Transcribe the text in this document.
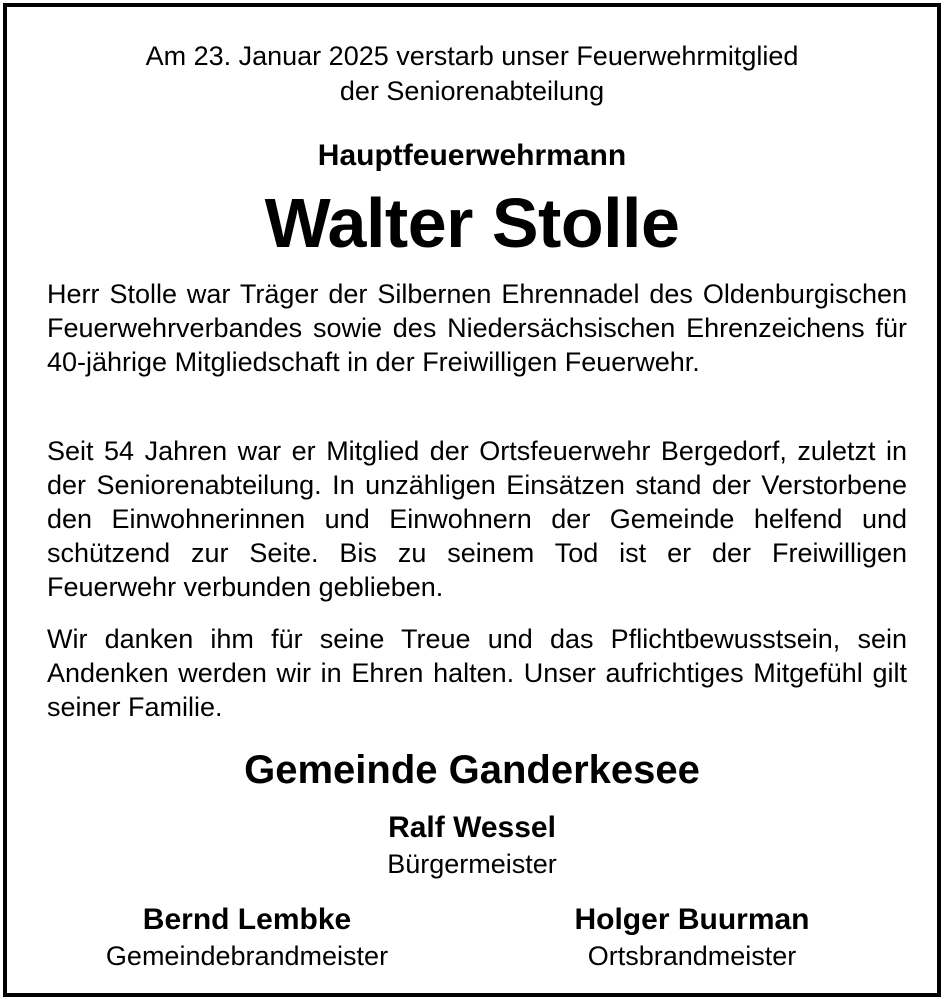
Am 23. Januar 2025 verstarb unser Feuerwehrmitglied
der Seniorenabteilung
Hauptfeuerwehrmann
Walter Stolle
Herr Stolle war Träger der Silbernen Ehrennadel des Oldenburgischen Feuerwehrverbandes sowie des Niedersächsischen Ehrenzeichens für 40-jährige Mitgliedschaft in der Freiwilligen Feuerwehr.
Seit 54 Jahren war er Mitglied der Ortsfeuerwehr Bergedorf, zuletzt in der Seniorenabteilung. In unzähligen Einsätzen stand der Verstorbene den Einwohnerinnen und Einwohnern der Gemeinde helfend und schützend zur Seite. Bis zu seinem Tod ist er der Freiwilligen Feuerwehr verbunden geblieben.
Wir danken ihm für seine Treue und das Pflichtbewusstsein, sein Andenken werden wir in Ehren halten. Unser aufrichtiges Mitgefühl gilt seiner Familie.
Gemeinde Ganderkesee
Ralf Wessel
Bürgermeister
Bernd Lembke
Gemeindebrandmeister
Holger Buurman
Ortsbrandmeister
